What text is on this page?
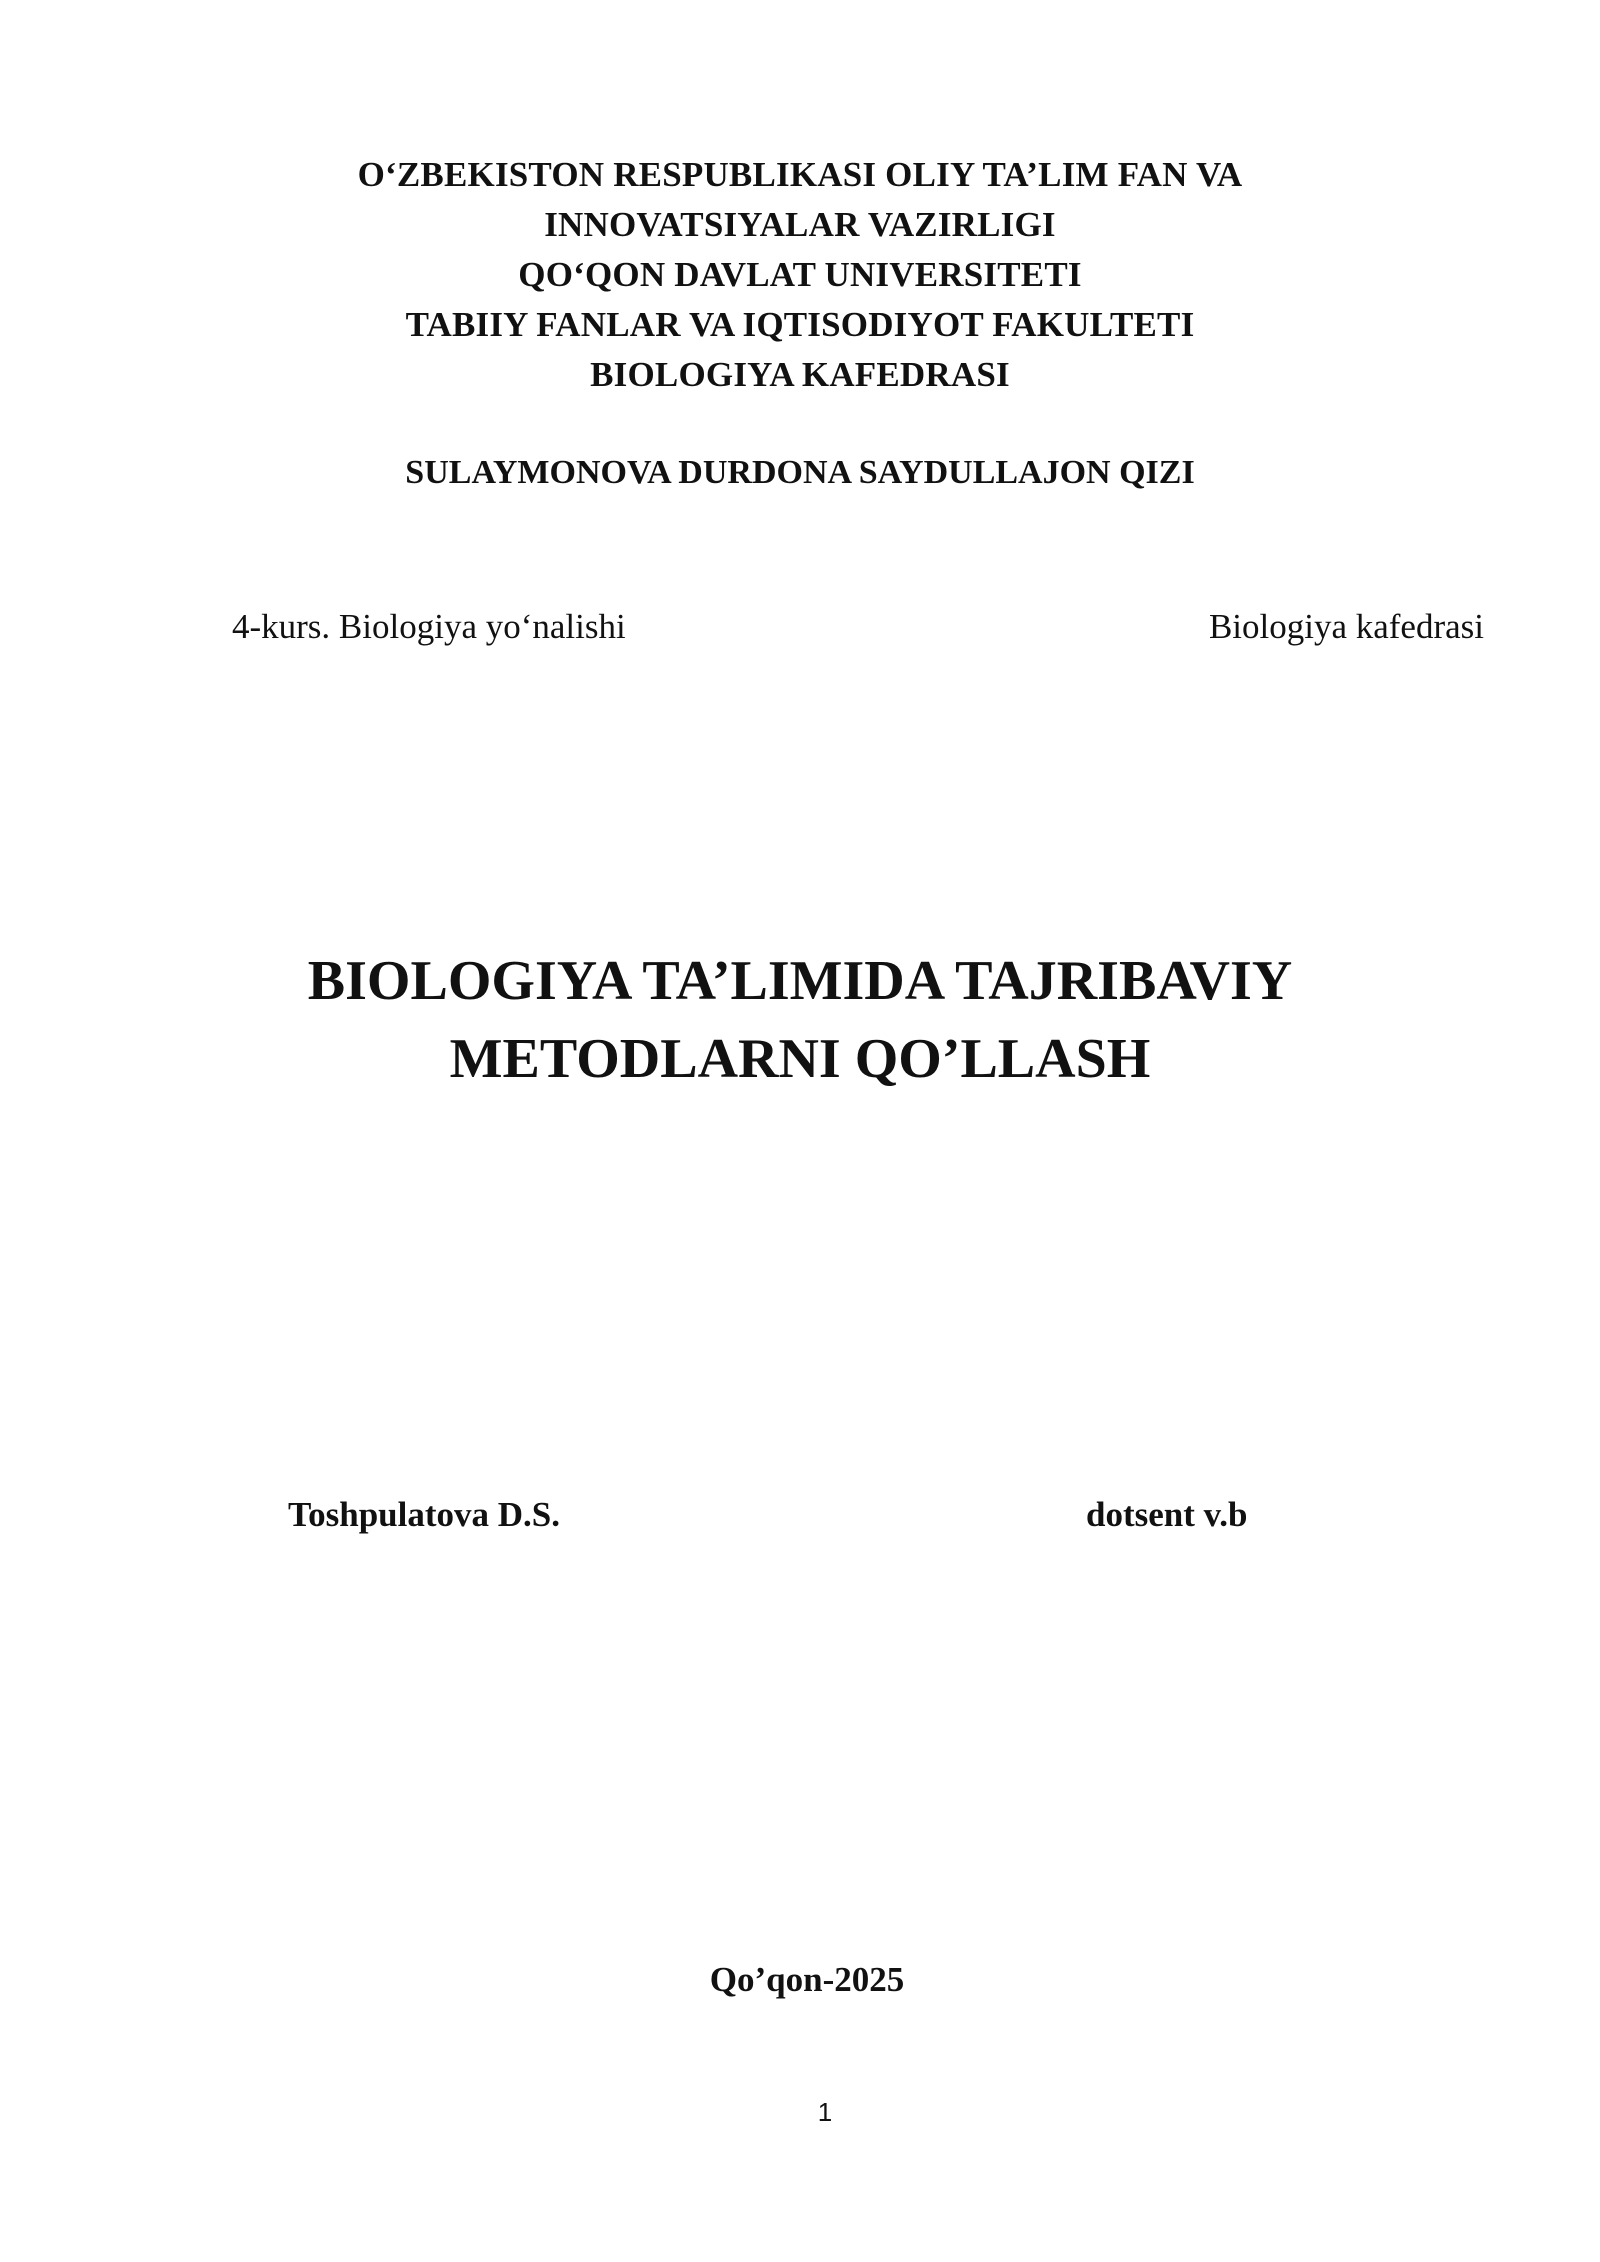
O‘ZBEKISTON RESPUBLIKASI OLIY TA’LIM FAN VA
INNOVATSIYALAR VAZIRLIGI
QO‘QON DAVLAT UNIVERSITETI
TABIIY FANLAR VA IQTISODIYOT FAKULTETI
BIOLOGIYA KAFEDRASI
SULAYMONOVA DURDONA SAYDULLAJON QIZI
4-kurs. Biologiya yo‘nalishi	Biologiya kafedrasi
BIOLOGIYA TA’LIMIDA TAJRIBAVIY
METODLARNI QO’LLASH
Toshpulatova D.S.	dotsent v.b
Qo’qon-2025
1
